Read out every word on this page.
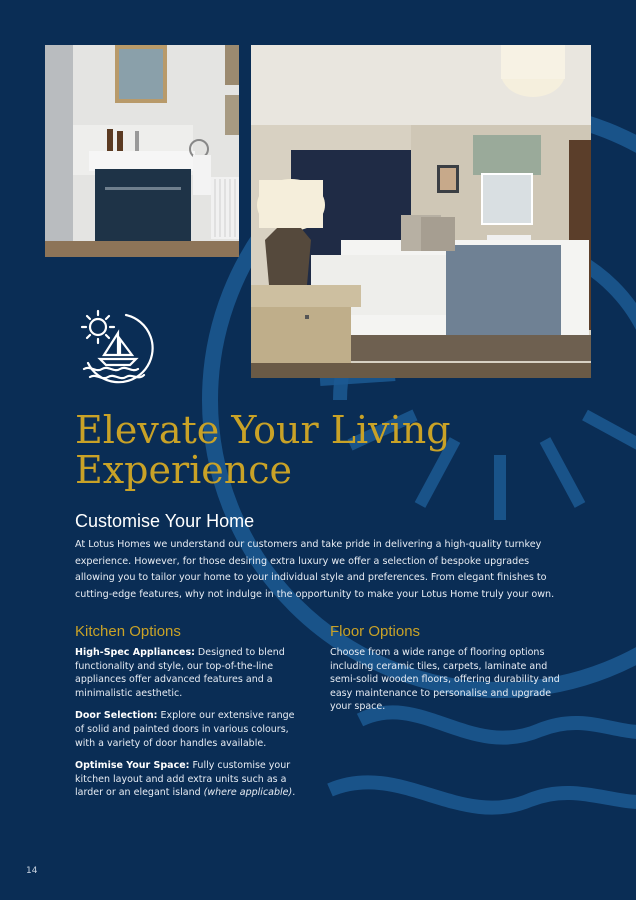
Elevate Your Living
Experience
Customise Your Home

At Lotus Homes we understand our customers and take pride in delivering a high-quality turnkey experience. However, for those desiring extra luxury we offer a selection of bespoke upgrades allowing you to tailor your home to your individual style and preferences. From elegant finishes to cutting-edge features, why not indulge in the opportunity to make your Lotus Home truly your own.

Kitchen Options

High-Spec Appliances: Designed to blend functionality and style, our top-of-the-line appliances offer advanced features and a minimalistic aesthetic.

Door Selection: Explore our extensive range of solid and painted doors in various colours, with a variety of door handles available.

Optimise Your Space: Fully customise your kitchen layout and add extra units such as a larder or an elegant island (where applicable).

Floor Options

Choose from a wide range of flooring options including ceramic tiles, carpets, laminate and semi-solid wooden floors, offering durability and easy maintenance to personalise and upgrade your space.

14
